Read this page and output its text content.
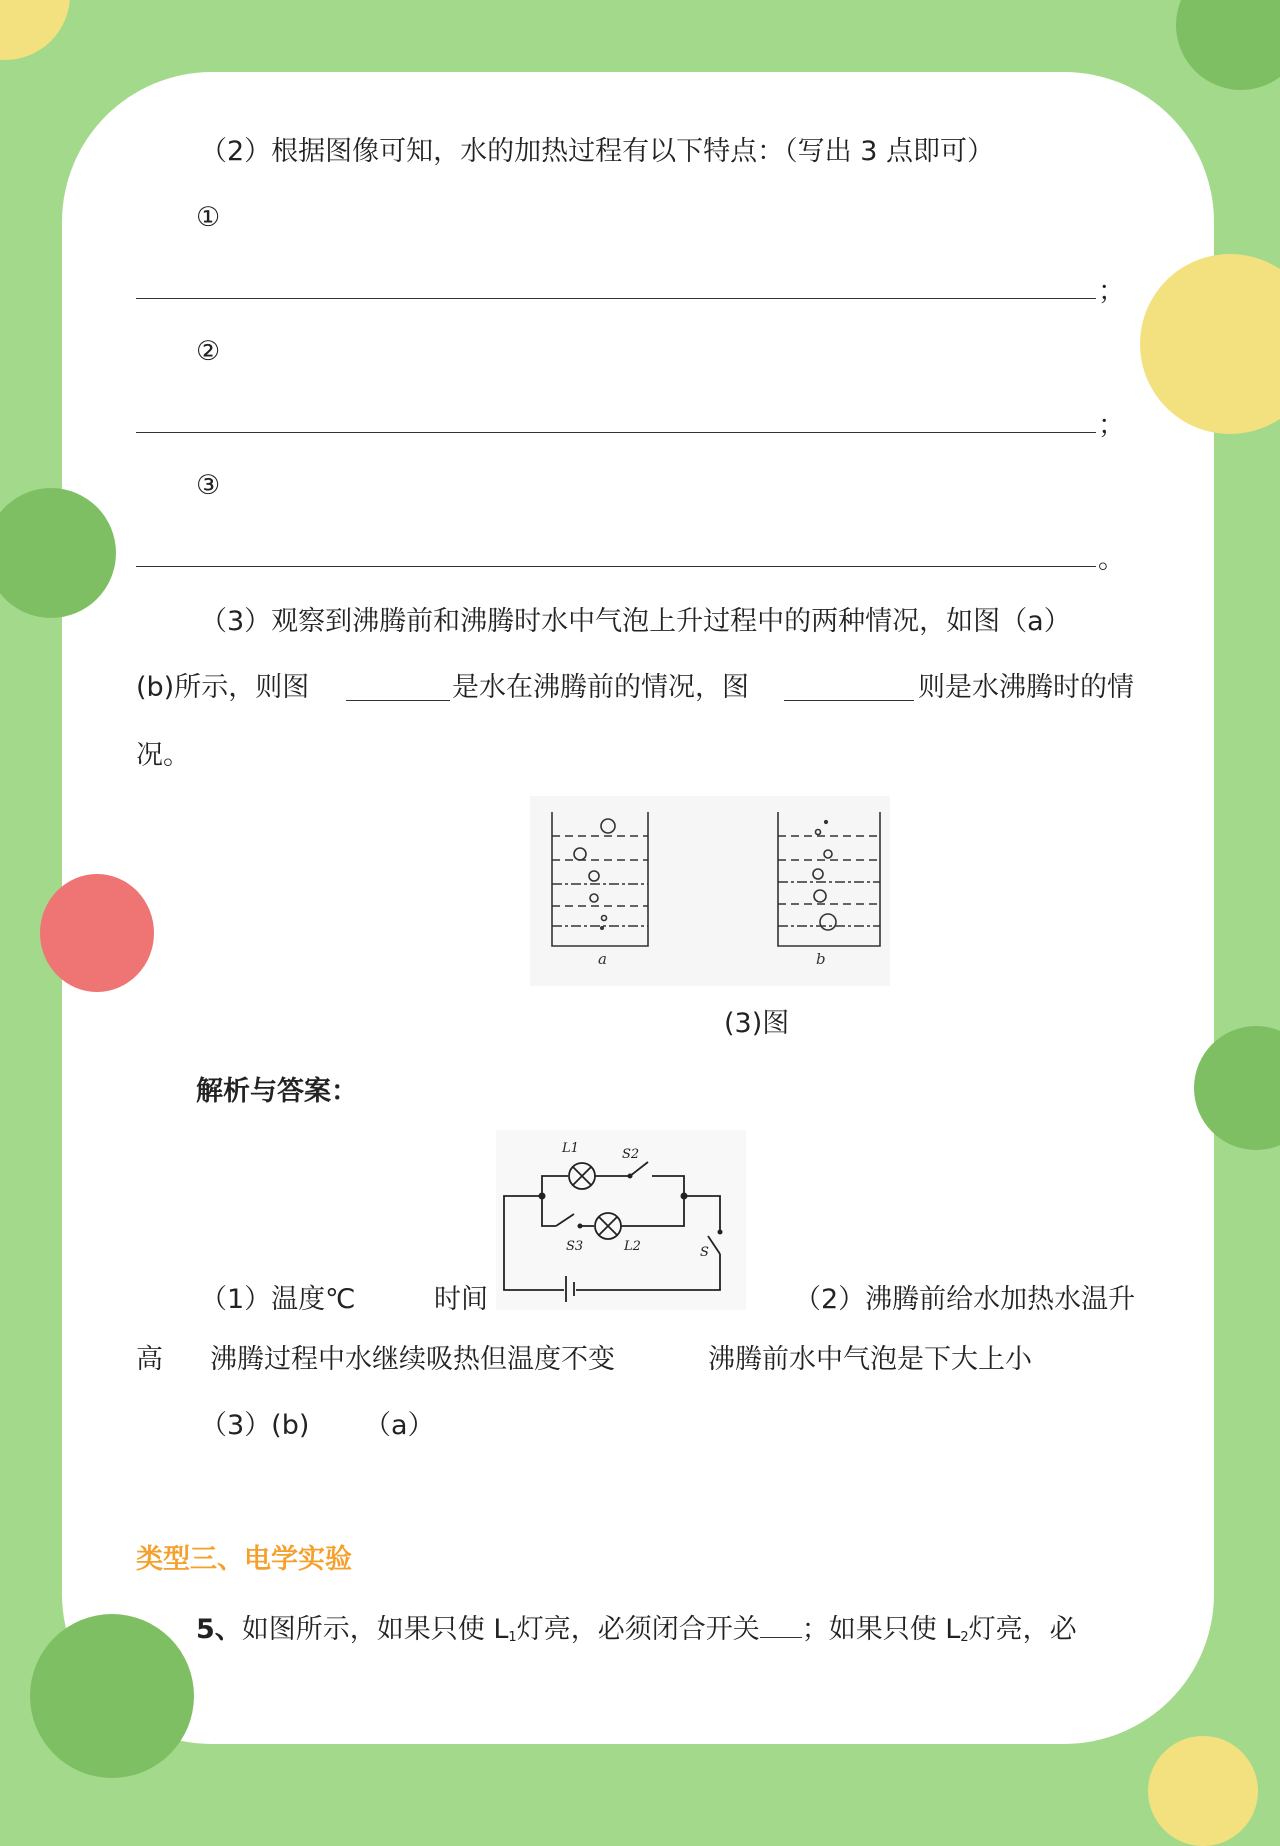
（2）根据图像可知，水的加热过程有以下特点：（写出 3 点即可）
①
；
②
；
③
。
（3）观察到沸腾前和沸腾时水中气泡上升过程中的两种情况，如图（a）
(b)所示，则图	是水在沸腾前的情况，图	则是水沸腾时的情
况。
a	b
(3)图
解析与答案：
L1	S2
S3	L2	S
（1）温度℃	时间	（2）沸腾前给水加热水温升
高 沸腾过程中水继续吸热但温度不变	沸腾前水中气泡是下大上小
（3）(b) （a）
类型三、电学实验
5、如图所示，如果只使 $L_1$灯亮，必须闭合开关 ；如果只使 $L_2$灯亮，必
